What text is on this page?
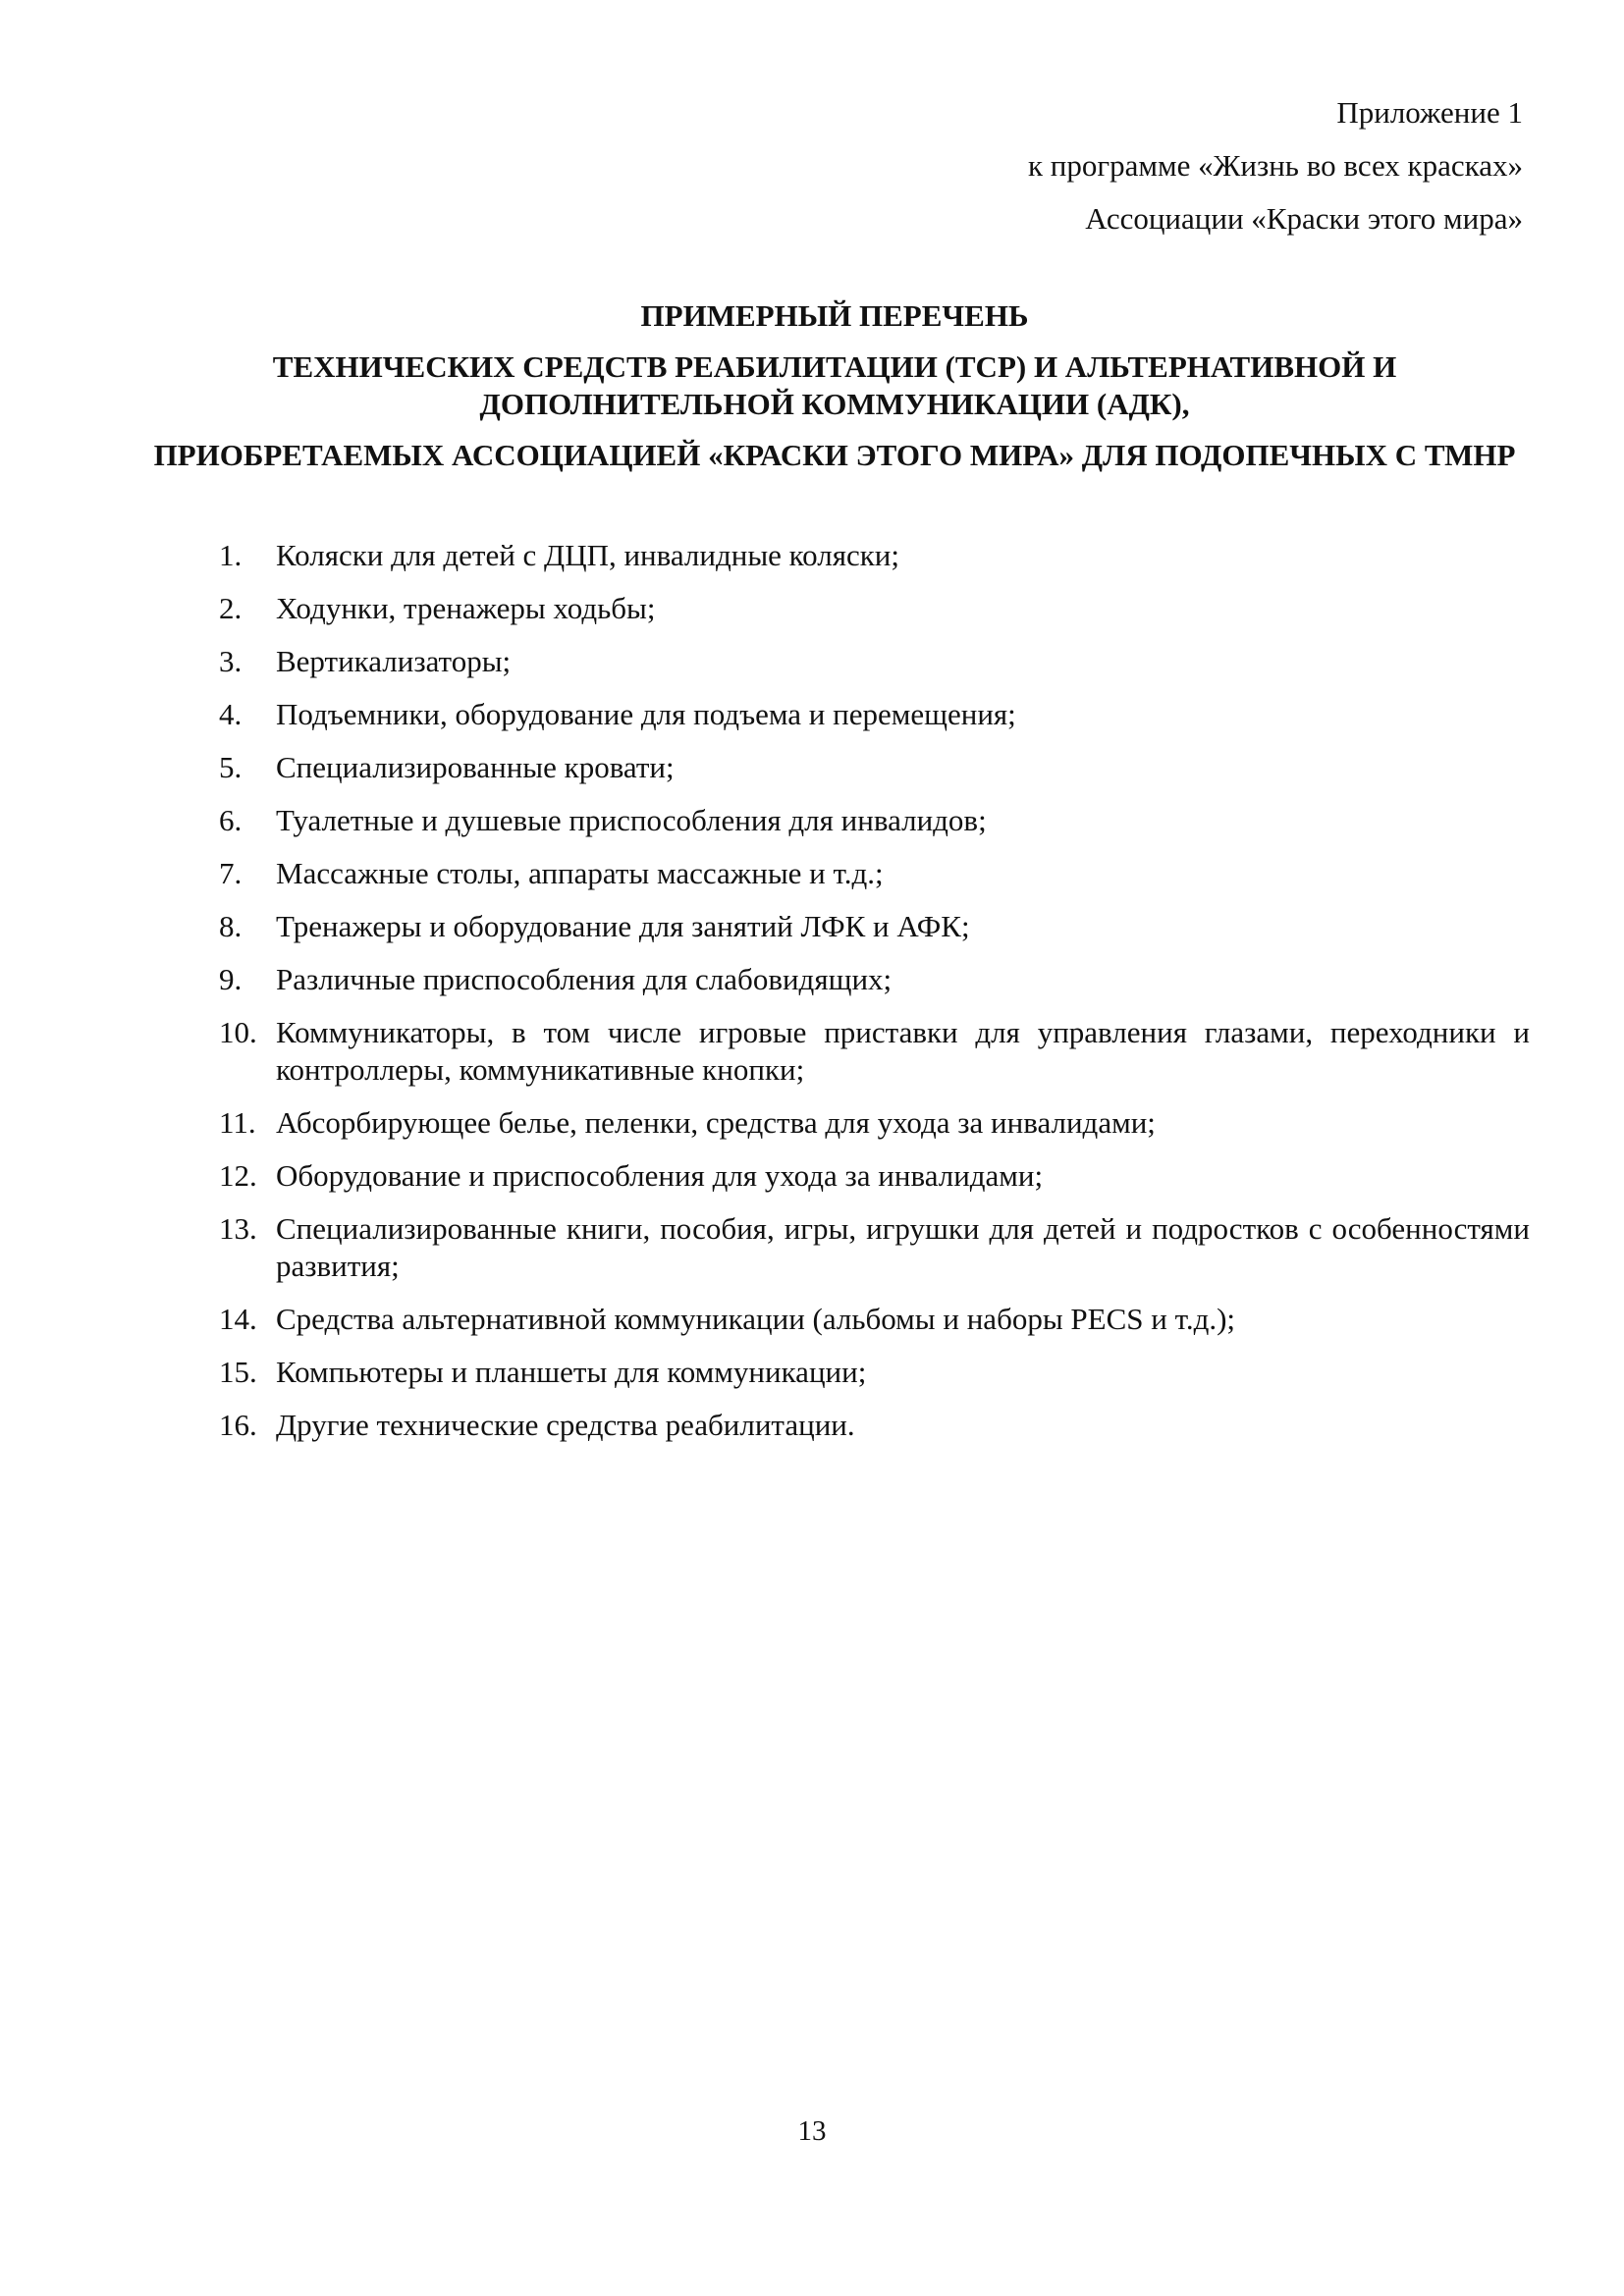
Приложение 1
к программе «Жизнь во всех красках»
Ассоциации «Краски этого мира»
ПРИМЕРНЫЙ ПЕРЕЧЕНЬ
ТЕХНИЧЕСКИХ СРЕДСТВ РЕАБИЛИТАЦИИ (ТСР) И АЛЬТЕРНАТИВНОЙ И ДОПОЛНИТЕЛЬНОЙ КОММУНИКАЦИИ (АДК),
ПРИОБРЕТАЕМЫХ АССОЦИАЦИЕЙ «КРАСКИ ЭТОГО МИРА» ДЛЯ ПОДОПЕЧНЫХ С ТМНР
1.	Коляски для детей с ДЦП, инвалидные коляски;
2.	Ходунки, тренажеры ходьбы;
3.	Вертикализаторы;
4.	Подъемники, оборудование для подъема и перемещения;
5.	Специализированные кровати;
6.	Туалетные и душевые приспособления для инвалидов;
7.	Массажные столы, аппараты массажные и т.д.;
8.	Тренажеры и оборудование для занятий ЛФК и АФК;
9.	Различные приспособления для слабовидящих;
10. Коммуникаторы, в том числе игровые приставки для управления глазами, переходники и контроллеры, коммуникативные кнопки;
11. Абсорбирующее белье, пеленки, средства для ухода за инвалидами;
12. Оборудование и приспособления для ухода за инвалидами;
13. Специализированные книги, пособия, игры, игрушки для детей и подростков с особенностями развития;
14. Средства альтернативной коммуникации (альбомы и наборы PECS и т.д.);
15. Компьютеры и планшеты для коммуникации;
16. Другие технические средства реабилитации.
13
